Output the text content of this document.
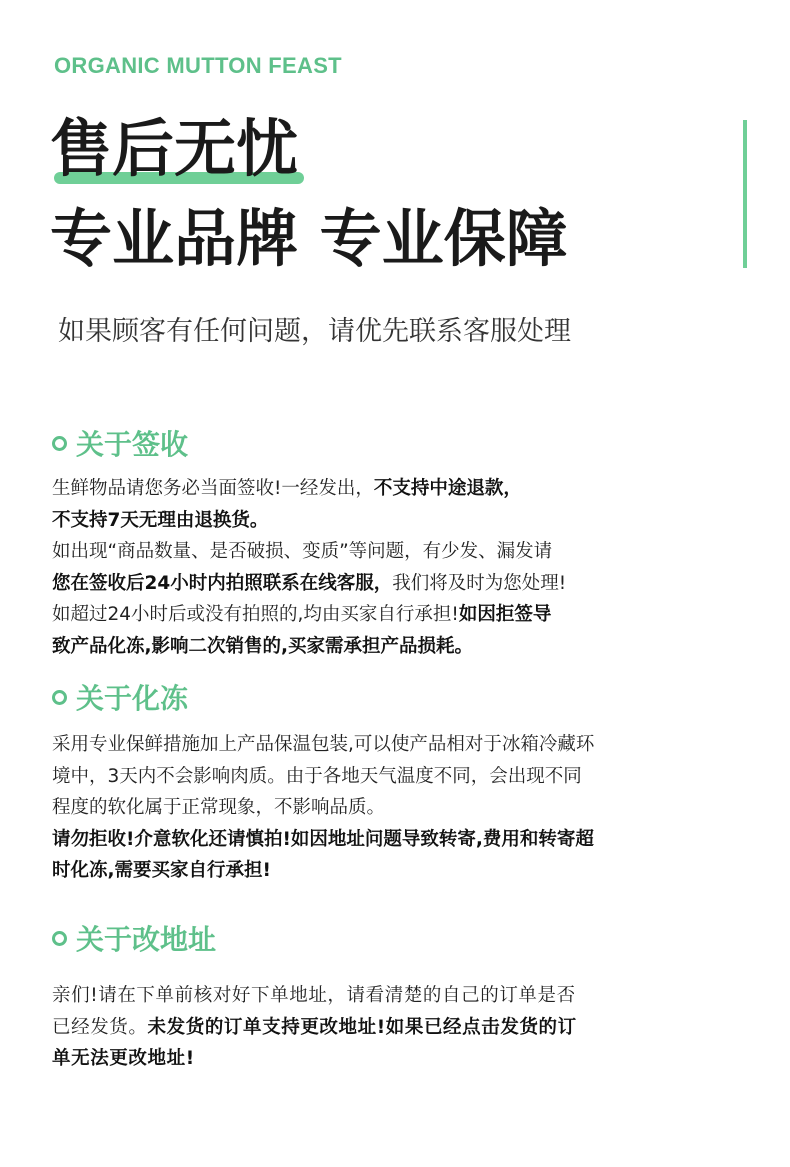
ORGANIC MUTTON FEAST
售后无忧
专业品牌 专业保障
如果顾客有任何问题，请优先联系客服处理
关于签收

生鲜物品请您务必当面签收!一经发出，不支持中途退款，
不支持7天无理由退换货。
如出现“商品数量、是否破损、变质”等问题，有少发、漏发请
您在签收后24小时内拍照联系在线客服，我们将及时为您处理!
如超过24小时后或没有拍照的,均由买家自行承担!如因拒签导
致产品化冻,影响二次销售的,买家需承担产品损耗。

关于化冻

采用专业保鲜措施加上产品保温包装,可以使产品相对于冰箱冷藏环
境中，3天内不会影响肉质。由于各地天气温度不同，会出现不同
程度的软化属于正常现象，不影响品质。
请勿拒收!介意软化还请慎拍!如因地址问题导致转寄,费用和转寄超
时化冻,需要买家自行承担!

关于改地址

亲们!请在下单前核对好下单地址，请看清楚的自己的订单是否
已经发货。未发货的订单支持更改地址!如果已经点击发货的订
单无法更改地址!
